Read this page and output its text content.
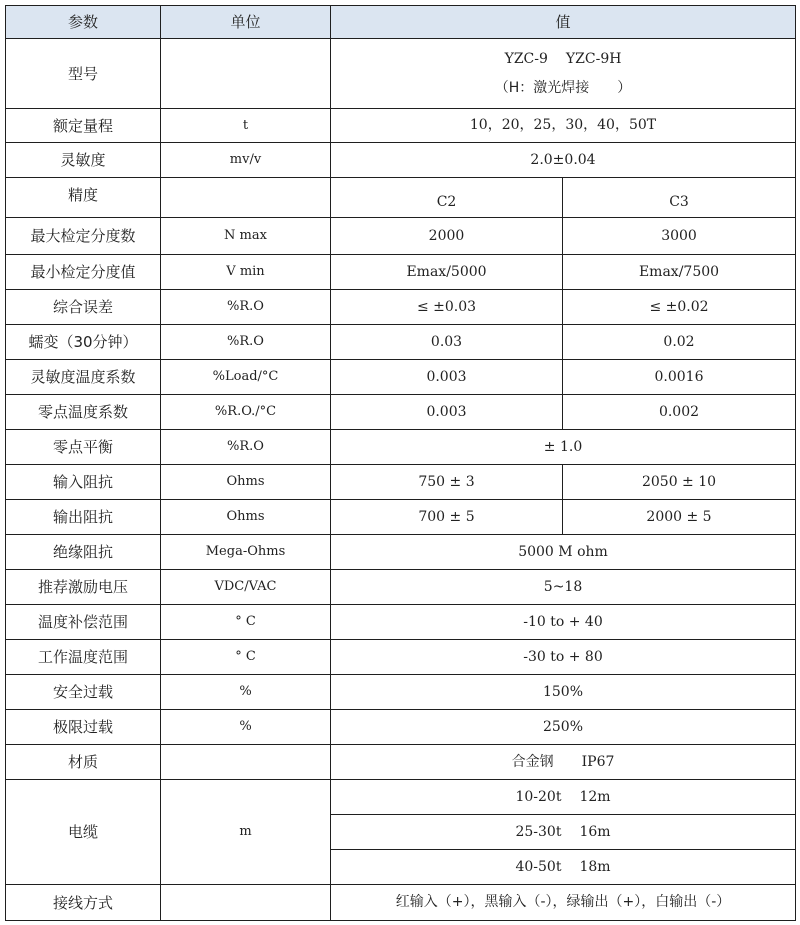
参数	单位	值	
型号		YZC-9 YZC-9H
（H：激光焊接　　）	

额定量程	t	10，20，25，30，40，50T	
灵敏度	mv/v	2.0±0.04	
精度		C2	C3
最大检定分度数	N max	2000	3000
最小检定分度值	V min	Emax/5000	Emax/7500
综合误差	%R.O	≤ ±0.03	≤ ±0.02
蠕变（30分钟）	%R.O	0.03	0.02
灵敏度温度系数	%Load/°C	0.003	0.0016
零点温度系数	%R.O./°C	0.003	0.002
零点平衡	%R.O	± 1.0	
输入阻抗	Ohms	750 ± 3	2050 ± 10
输出阻抗	Ohms	700 ± 5	2000 ± 5
绝缘阻抗	Mega-Ohms	5000 M ohm	
推荐激励电压	VDC/VAC	5~18	
温度补偿范围	° C	-10 to + 40	
工作温度范围	° C	-30 to + 80	
安全过载	%	150%	
极限过载	%	250%	
材质		合金钢 IP67	
电缆	m	10-20t 12m	
		25-30t 16m	
		40-50t 18m	
接线方式		红输入（+），黑输入（-），绿输出（+），白输出（-）	
